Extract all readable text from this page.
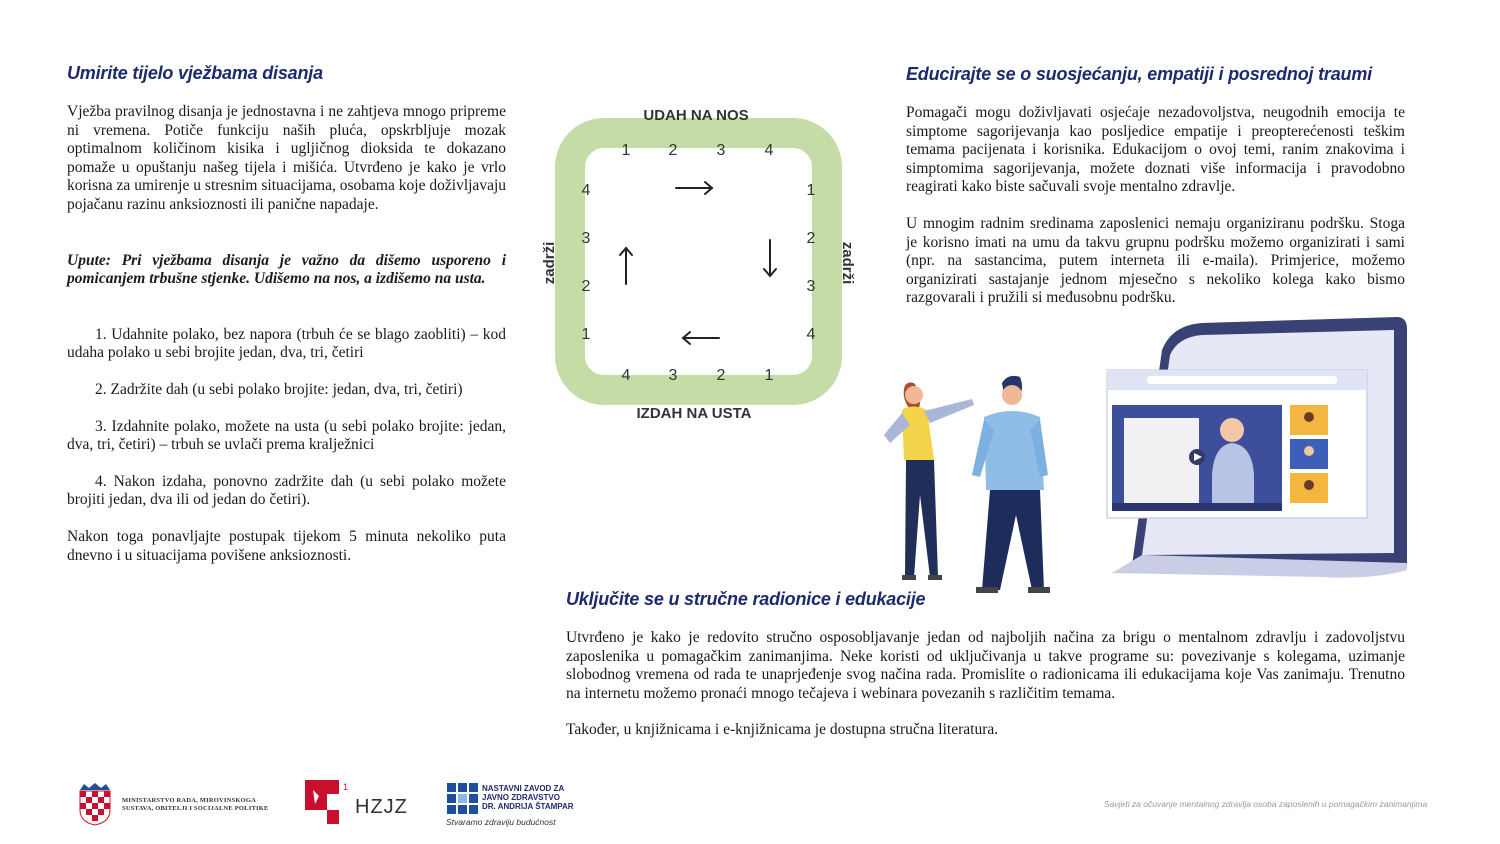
Umirite tijelo vježbama disanja

Vježba pravilnog disanja je jednostavna i ne zahtjeva mnogo pripreme ni vremena. Potiče funkciju naših pluća, opskrbljuje mozak optimalnom količinom kisika i ugljičnog dioksida te dokazano pomaže u opuštanju našeg tijela i mišića. Utvrđeno je kako je vrlo korisna za umirenje u stresnim situacijama, osobama koje doživljavaju pojačanu razinu anksioznosti ili panične napadaje.

Upute: Pri vježbama disanja je važno da dišemo usporeno i pomicanjem trbušne stjenke. Udišemo na nos, a izdišemo na usta.

1. Udahnite polako, bez napora (trbuh će se blago zaobliti) – kod udaha polako u sebi brojite jedan, dva, tri, četiri

2. Zadržite dah (u sebi polako brojite: jedan, dva, tri, četiri)

3. Izdahnite polako, možete na usta (u sebi polako brojite: jedan, dva, tri, četiri) – trbuh se uvlači prema kralježnici

4. Nakon izdaha, ponovno zadržite dah (u sebi polako možete brojiti jedan, dva ili od jedan do četiri).

Nakon toga ponavljajte postupak tijekom 5 minuta nekoliko puta dnevno i u situacijama povišene anksioznosti.

UDAH NA NOS
IZDAH NA USTA
zadrži	zadrži
1 2 3 4
1
2
3
4
4 3 2 1
4
3
2
1
Educirajte se o suosjećanju, empatiji i posrednoj traumi

Pomagači mogu doživljavati osjećaje nezadovoljstva, neugodnih emocija te simptome sagorijevanja kao posljedice empatije i preopterećenosti teškim temama pacijenata i korisnika. Edukacijom o ovoj temi, ranim znakovima i simptomima sagorijevanja, možete doznati više informacija i pravodobno reagirati kako biste sačuvali svoje mentalno zdravlje.

U mnogim radnim sredinama zaposlenici nemaju organiziranu podršku. Stoga je korisno imati na umu da takvu grupnu podršku možemo organizirati i sami (npr. na sastancima, putem interneta ili e-maila). Primjerice, možemo organizirati sastajanje jednom mjesečno s nekoliko kolega kako bismo razgovarali i pružili si međusobnu podršku.

Uključite se u stručne radionice i edukacije

Utvrđeno je kako je redovito stručno osposobljavanje jedan od najboljih načina za brigu o mentalnom zdravlju i zadovoljstvu zaposlenika u pomagačkim zanimanjima. Neke koristi od uključivanja u takve programe su: povezivanje s kolegama, uzimanje slobodnog vremena od rada te unaprjeđenje svog načina rada. Promislite o radionicama ili edukacijama koje Vas zanimaju. Trenutno na internetu možemo pronaći mnogo tečajeva i webinara povezanih s različitim temama.

Također, u knjižnicama i e-knjižnicama je dostupna stručna literatura.

MINISTARSTVO RADA, MIROVINSKOGA
SUSTAVA, OBITELJI I SOCIJALNE POLITIKE
1
HZJZ
NASTAVNI ZAVOD ZA
JAVNO ZDRAVSTVO
DR. ANDRIJA ŠTAMPAR
Stvaramo zdraviju budućnost
Savjeti za očuvanje mentalnog zdravlja osoba zaposlenih u pomagačkim zanimanjima
